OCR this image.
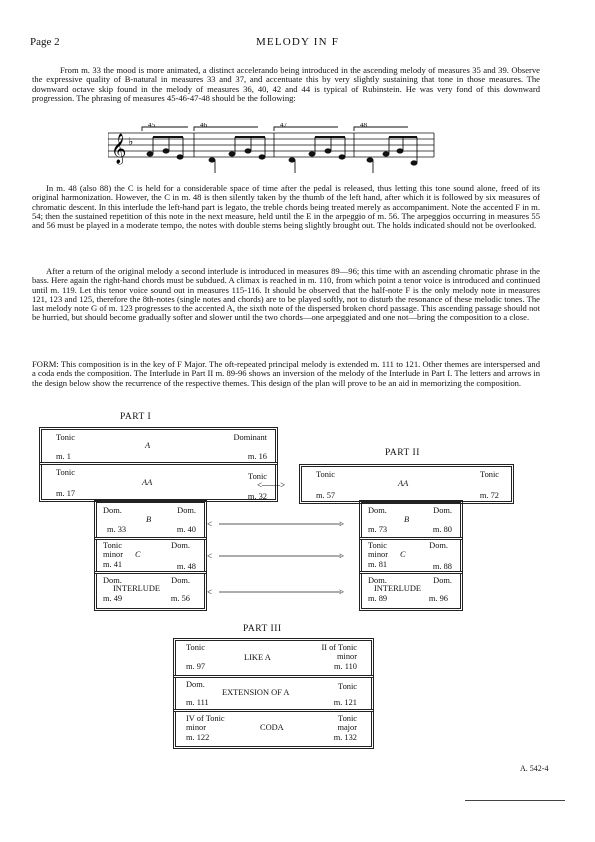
Page 2	MELODY IN F

From m. 33 the mood is more animated, a distinct accelerando being introduced in the ascending melody of measures 35 and 39. Observe the expressive quality of B-natural in measures 33 and 37, and accentuate this by very slightly sustaining that tone in those measures. The downward octave skip found in the melody of measures 36, 40, 42 and 44 is typical of Rubinstein. He was very fond of this downward progression. The phrasing of measures 45-46-47-48 should be the following:

𝄞 ♭
45	46	47	48

In m. 48 (also 88) the C is held for a considerable space of time after the pedal is released, thus letting this tone sound alone, freed of its original harmonization. However, the C in m. 48 is then silently taken by the thumb of the left hand, after which it is followed by six measures of chromatic descent. In this interlude the left-hand part is legato, the treble chords being treated merely as accompaniment. Note the accented F in m. 54; then the sustained repetition of this note in the next measure, held until the E in the arpeggio of m. 56. The arpeggios occurring in measures 55 and 56 must be played in a moderate tempo, the notes with double stems being slightly brought out. The holds indicated should not be overlooked.

After a return of the original melody a second interlude is introduced in measures 89—96; this time with an ascending chromatic phrase in the bass. Here again the right-hand chords must be subdued. A climax is reached in m. 110, from which point a tenor voice is introduced and continued until m. 119. Let this tenor voice sound out in measures 115-116. It should be observed that the half-note F is the only melody note in measures 121, 123 and 125, therefore the 8th-notes (single notes and chords) are to be played softly, not to disturb the resonance of these melodic tones. The last melody note G of m. 123 progresses to the accented A, the sixth note of the dispersed broken chord passage. This ascending passage should not be hurried, but should become gradually softer and slower until the two chords—one arpeggiated and one not—bring the composition to a close.

FORM: This composition is in the key of F Major. The oft-repeated principal melody is extended m. 111 to 121. Other themes are interspersed and a coda ends the composition. The Interlude in Part II m. 89-96 shows an inversion of the melody of the Interlude in Part I. The letters and arrows in the design below show the recurrence of the respective themes. This design of the plan will prove to be an aid in memorizing the composition.

PART I
Tonic
A
Dominant
m. 1	m. 16
Tonic
AA
Tonic
m. 17	m. 32
Dom.	Dom.
B
m. 33	m. 40
Tonic
minor C
Dom.
m. 41	m. 48
Dom.	Dom.
INTERLUDE
m. 49	m. 56
<——>
<	>
<	>
<	>
PART II
Tonic
AA
Tonic
m. 57	m. 72
Dom.	Dom.
B
m. 73	m. 80
Tonic
minor C
Dom.
m. 81	m. 88
Dom.	Dom.
INTERLUDE
m. 89	m. 96
PART III
Tonic
LIKE A
II of Tonic
minor
m. 97	m. 110
Dom.
EXTENSION OF A
Tonic
m. 111	m. 121
IV of Tonic
minor	CODA
Tonic
major
m. 122	m. 132
A. 542-4
